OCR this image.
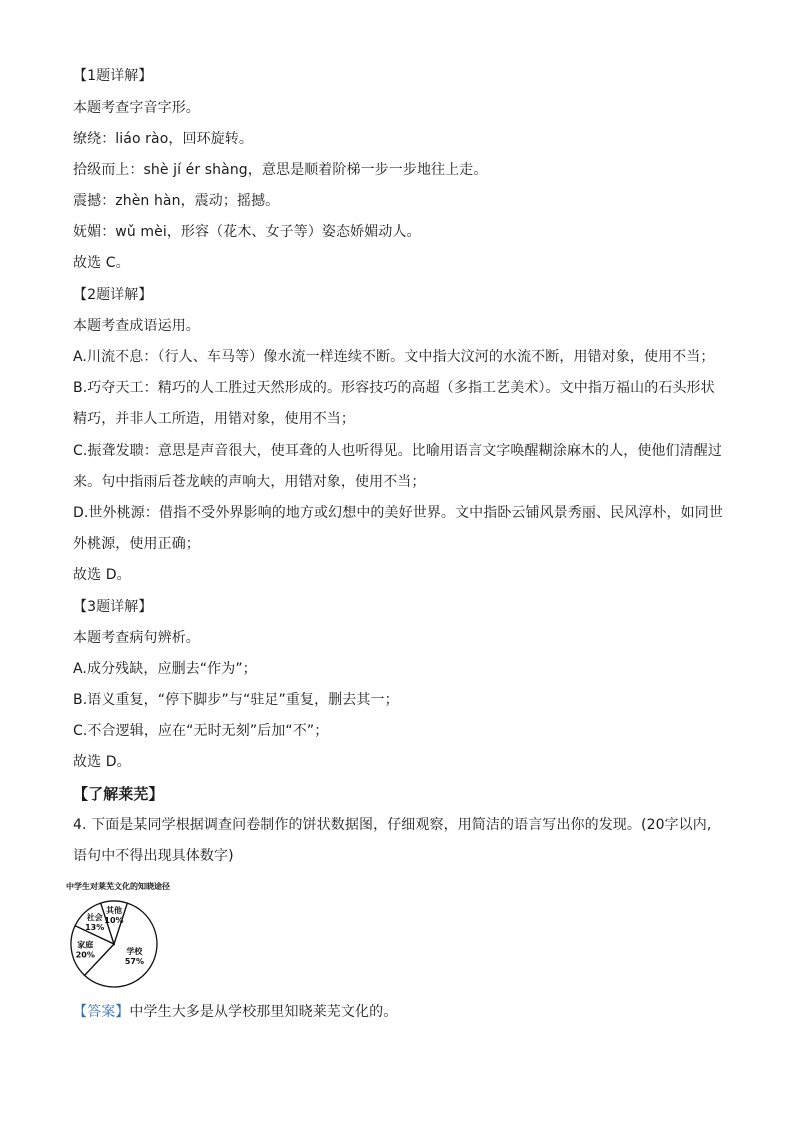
【1题详解】
本题考查字音字形。
缭绕：liáo rào，回环旋转。
拾级而上：shè jí ér shàng，意思是顺着阶梯一步一步地往上走。
震撼：zhèn hàn，震动；摇撼。
妩媚：wǔ mèi，形容（花木、女子等）姿态娇媚动人。
故选 C。
【2题详解】
本题考查成语运用。
A.川流不息：（行人、车马等）像水流一样连续不断。文中指大汶河的水流不断，用错对象，使用不当；
B.巧夺天工：精巧的人工胜过天然形成的。形容技巧的高超（多指工艺美术）。文中指万福山的石头形状
精巧，并非人工所造，用错对象，使用不当；
C.振聋发聩：意思是声音很大，使耳聋的人也听得见。比喻用语言文字唤醒糊涂麻木的人，使他们清醒过
来。句中指雨后苍龙峡的声响大，用错对象，使用不当；
D.世外桃源：借指不受外界影响的地方或幻想中的美好世界。文中指卧云铺风景秀丽、民风淳朴，如同世
外桃源，使用正确；
故选 D。
【3题详解】
本题考查病句辨析。
A.成分残缺，应删去“作为”；
B.语义重复，“停下脚步”与“驻足”重复，删去其一；
C.不合逻辑，应在“无时无刻”后加“不”；
故选 D。
【了解莱芜】
4. 下面是某同学根据调查问卷制作的饼状数据图，仔细观察，用简洁的语言写出你的发现。(20字以内,
语句中不得出现具体数字)
中学生对莱芜文化的知晓途径
学校
57%
家庭
20%
社会
13%
其他
10%
【答案】中学生大多是从学校那里知晓莱芜文化的。
